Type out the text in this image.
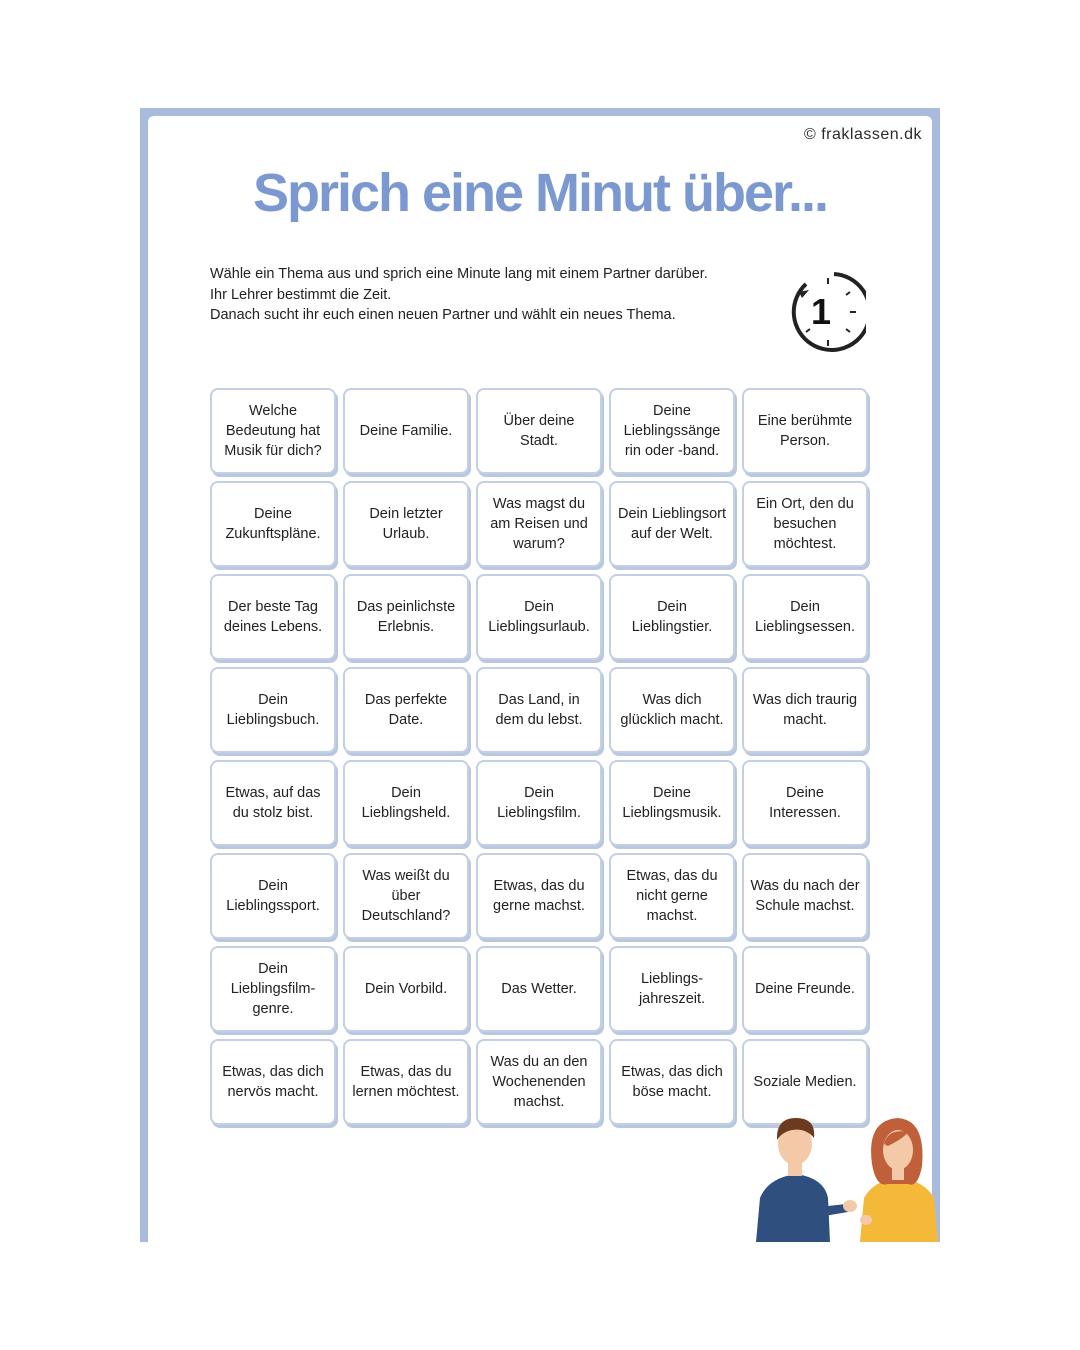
© fraklassen.dk
Sprich eine Minut über...
Wähle ein Thema aus und sprich eine Minute lang mit einem Partner darüber.
Ihr Lehrer bestimmt die Zeit.
Danach sucht ihr euch einen neuen Partner und wählt ein neues Thema.	1
Welche Bedeutung hat Musik für dich?
Deine Familie.
Über deine Stadt.
Deine Lieblingssänge rin oder -band.
Eine berühmte Person.
Deine Zukunftspläne.
Dein letzter Urlaub.
Was magst du am Reisen und warum?
Dein Lieblingsort auf der Welt.
Ein Ort, den du besuchen möchtest.
Der beste Tag deines Lebens.
Das peinlichste Erlebnis.
Dein Lieblingsurlaub.
Dein Lieblingstier.
Dein Lieblingsessen.
Dein Lieblingsbuch.
Das perfekte Date.
Das Land, in dem du lebst.
Was dich glücklich macht.
Was dich traurig macht.
Etwas, auf das du stolz bist.
Dein Lieblingsheld.
Dein Lieblingsfilm.
Deine Lieblingsmusik.
Deine Interessen.
Dein Lieblingssport.
Was weißt du über Deutschland?
Etwas, das du gerne machst.
Etwas, das du nicht gerne machst.
Was du nach der Schule machst.
Dein Lieblingsfilm-genre.
Dein Vorbild.	Das Wetter.
Lieblings-jahreszeit.
Deine Freunde.
Etwas, das dich nervös macht.
Etwas, das du lernen möchtest.
Was du an den Wochenenden machst.
Etwas, das dich böse macht.
Soziale Medien.
